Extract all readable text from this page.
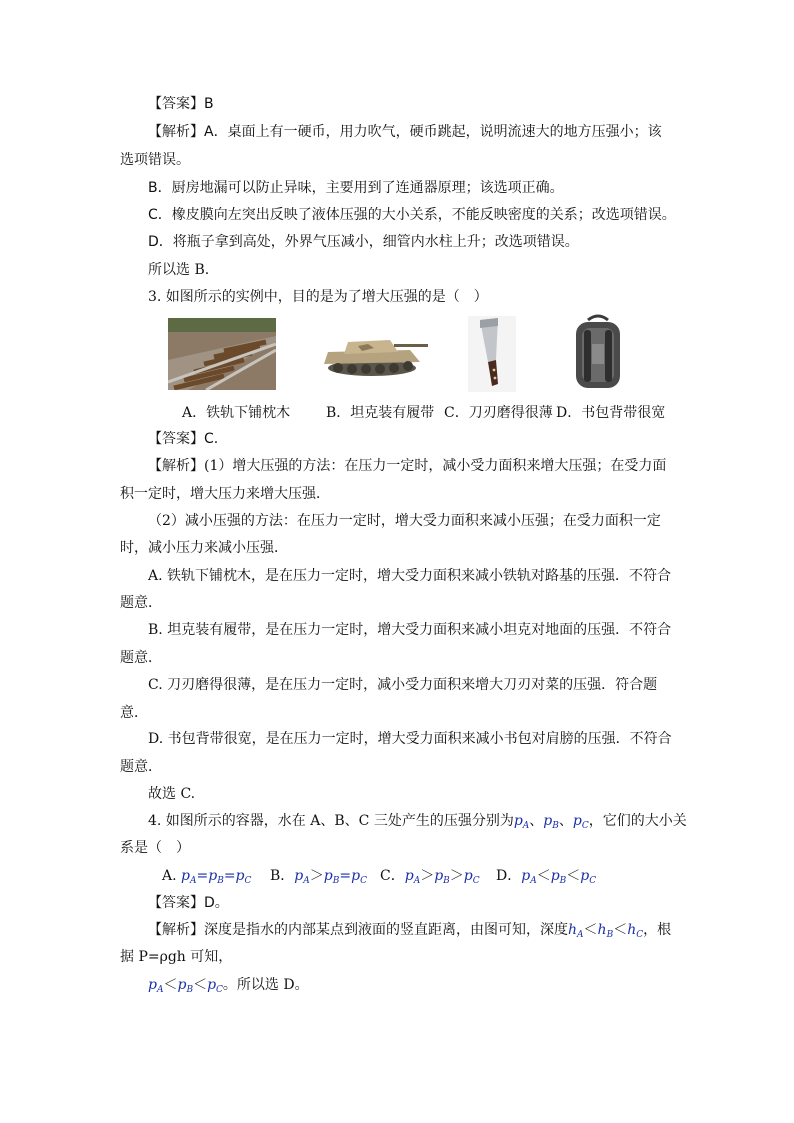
【答案】B
【解析】A．桌面上有一硬币，用力吹气，硬币跳起，说明流速大的地方压强小；该
选项错误。
B．厨房地漏可以防止异味，主要用到了连通器原理；该选项正确。
C．橡皮膜向左突出反映了液体压强的大小关系，不能反映密度的关系；改选项错误。
D．将瓶子拿到高处，外界气压减小，细管内水柱上升；改选项错误。
所以选 B.
3. 如图所示的实例中，目的是为了增大压强的是（　）
A．铁轨下铺枕木	B．坦克装有履带 C．刀刃磨得很薄 D．书包背带很宽
【答案】C.
【解析】(1）增大压强的方法：在压力一定时，减小受力面积来增大压强；在受力面
积一定时，增大压力来增大压强．
（2）减小压强的方法：在压力一定时，增大受力面积来减小压强；在受力面积一定
时，减小压力来减小压强．
A. 铁轨下铺枕木，是在压力一定时，增大受力面积来减小铁轨对路基的压强．不符合
题意．
B. 坦克装有履带，是在压力一定时，增大受力面积来减小坦克对地面的压强．不符合
题意．
C. 刀刃磨得很薄，是在压力一定时，减小受力面积来增大刀刃对菜的压强．符合题
意．
D. 书包背带很宽，是在压力一定时，增大受力面积来减小书包对肩膀的压强．不符合
题意．
故选 C.
4. 如图所示的容器，水在 A、B、C 三处产生的压强分别为$p_A$、$p_B$、$p_C$，它们的大小关
系是（　）
A. $p_A=p_B=p_C$ B．$p_A>p_B=p_C$ C．$p_A>p_B>p_C$ D．$p_A<p_B<p_C$
【答案】D。
【解析】深度是指水的内部某点到液面的竖直距离，由图可知，深度$h_A<h_B<h_C$，根
据 P=ρgh 可知，
$p_A<p_B<p_C$。所以选 D。
